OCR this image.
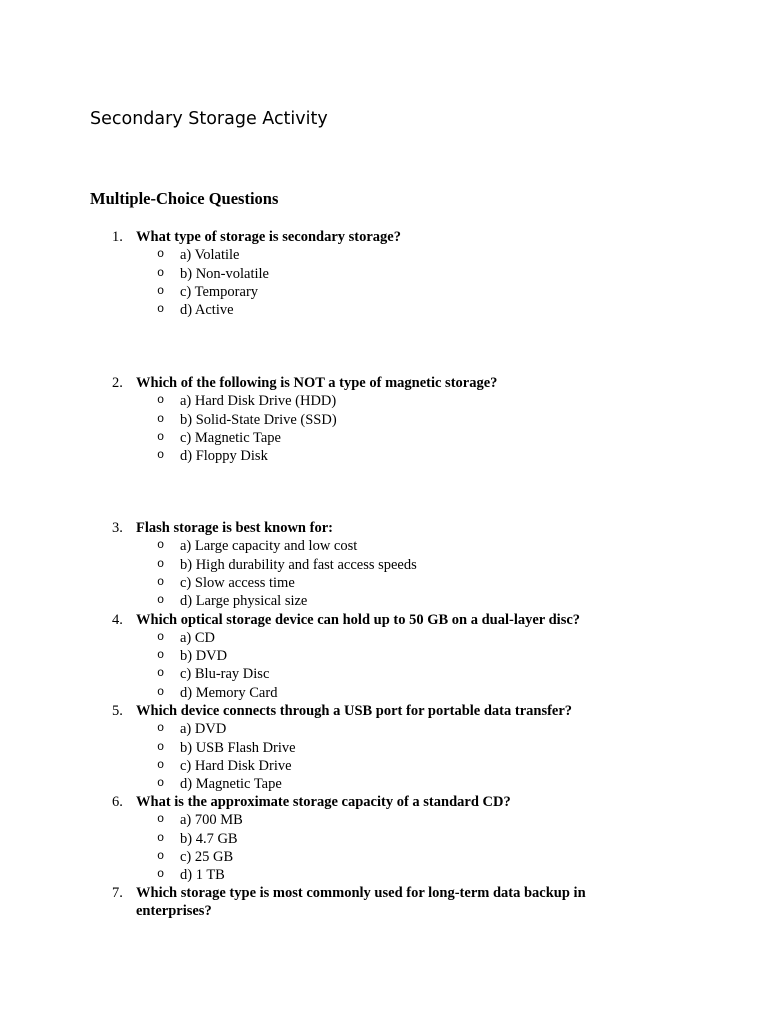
Secondary Storage Activity
Multiple-Choice Questions
1. What type of storage is secondary storage?
o a) Volatile
o b) Non-volatile
o c) Temporary
o d) Active
2. Which of the following is NOT a type of magnetic storage?
o a) Hard Disk Drive (HDD)
o b) Solid-State Drive (SSD)
o c) Magnetic Tape
o d) Floppy Disk
3. Flash storage is best known for:
o a) Large capacity and low cost
o b) High durability and fast access speeds
o c) Slow access time
o d) Large physical size
4. Which optical storage device can hold up to 50 GB on a dual-layer disc?
o a) CD
o b) DVD
o c) Blu-ray Disc
o d) Memory Card
5. Which device connects through a USB port for portable data transfer?
o a) DVD
o b) USB Flash Drive
o c) Hard Disk Drive
o d) Magnetic Tape
6. What is the approximate storage capacity of a standard CD?
o a) 700 MB
o b) 4.7 GB
o c) 25 GB
o d) 1 TB
7. Which storage type is most commonly used for long-term data backup in enterprises?
